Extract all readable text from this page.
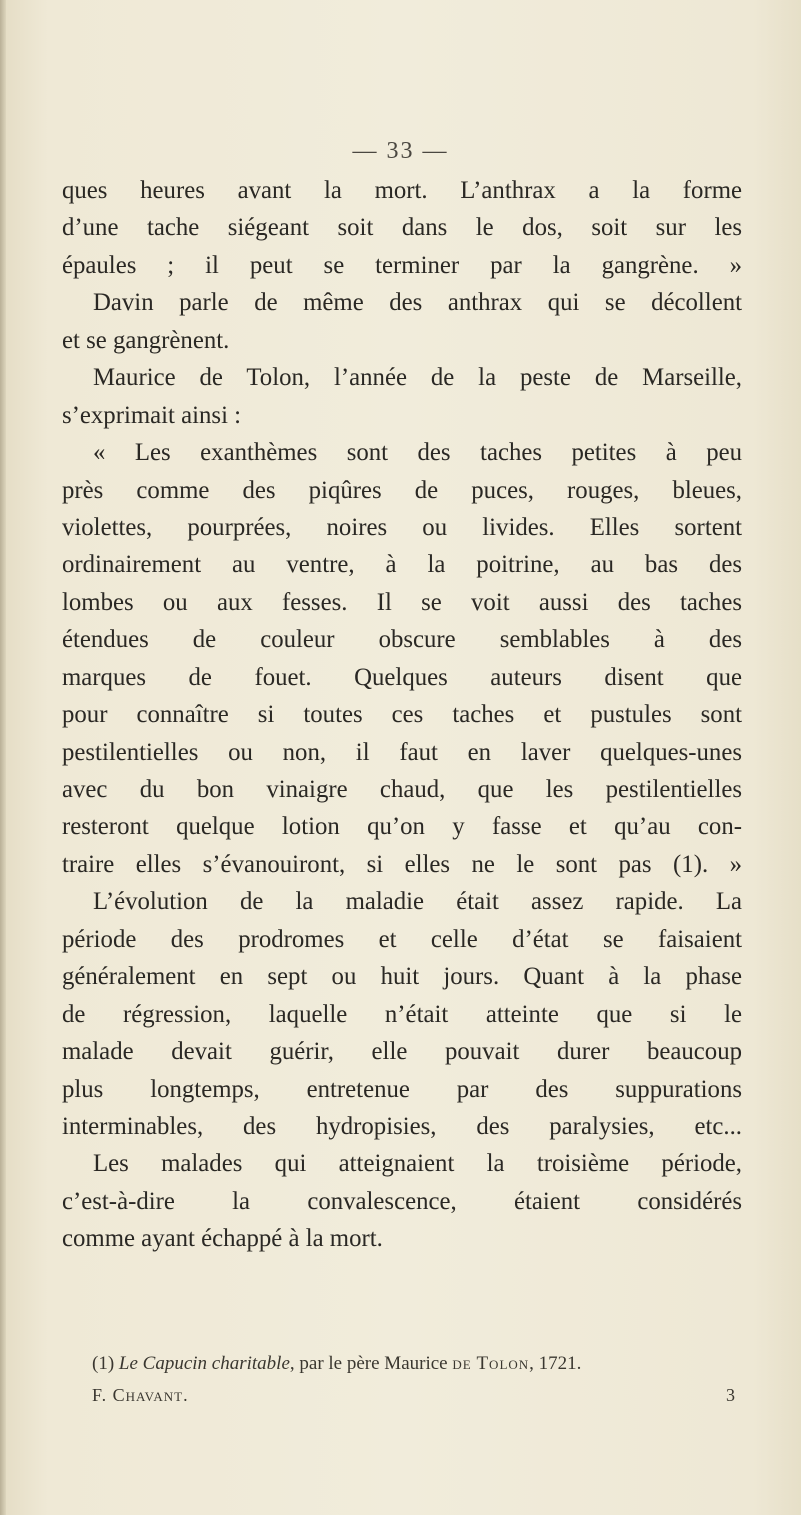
— 33 —
ques heures avant la mort. L’anthrax a la forme
d’une tache siégeant soit dans le dos, soit sur les
épaules ; il peut se terminer par la gangrène. »
Davin parle de même des anthrax qui se décollent
et se gangrènent.
Maurice de Tolon, l’année de la peste de Marseille,
s’exprimait ainsi :
« Les exanthèmes sont des taches petites à peu
près comme des piqûres de puces, rouges, bleues,
violettes, pourprées, noires ou livides. Elles sortent
ordinairement au ventre, à la poitrine, au bas des
lombes ou aux fesses. Il se voit aussi des taches
étendues de couleur obscure semblables à des
marques de fouet. Quelques auteurs disent que
pour connaître si toutes ces taches et pustules sont
pestilentielles ou non, il faut en laver quelques-unes
avec du bon vinaigre chaud, que les pestilentielles
resteront quelque lotion qu’on y fasse et qu’au con-
traire elles s’évanouiront, si elles ne le sont pas (1). »
L’évolution de la maladie était assez rapide. La
période des prodromes et celle d’état se faisaient
généralement en sept ou huit jours. Quant à la phase
de régression, laquelle n’était atteinte que si le
malade devait guérir, elle pouvait durer beaucoup
plus longtemps, entretenue par des suppurations
interminables, des hydropisies, des paralysies, etc...
Les malades qui atteignaient la troisième période,
c’est-à-dire la convalescence, étaient considérés
comme ayant échappé à la mort.
(1) Le Capucin charitable, par le père Maurice de Tolon, 1721.
F. Chavant.	3
